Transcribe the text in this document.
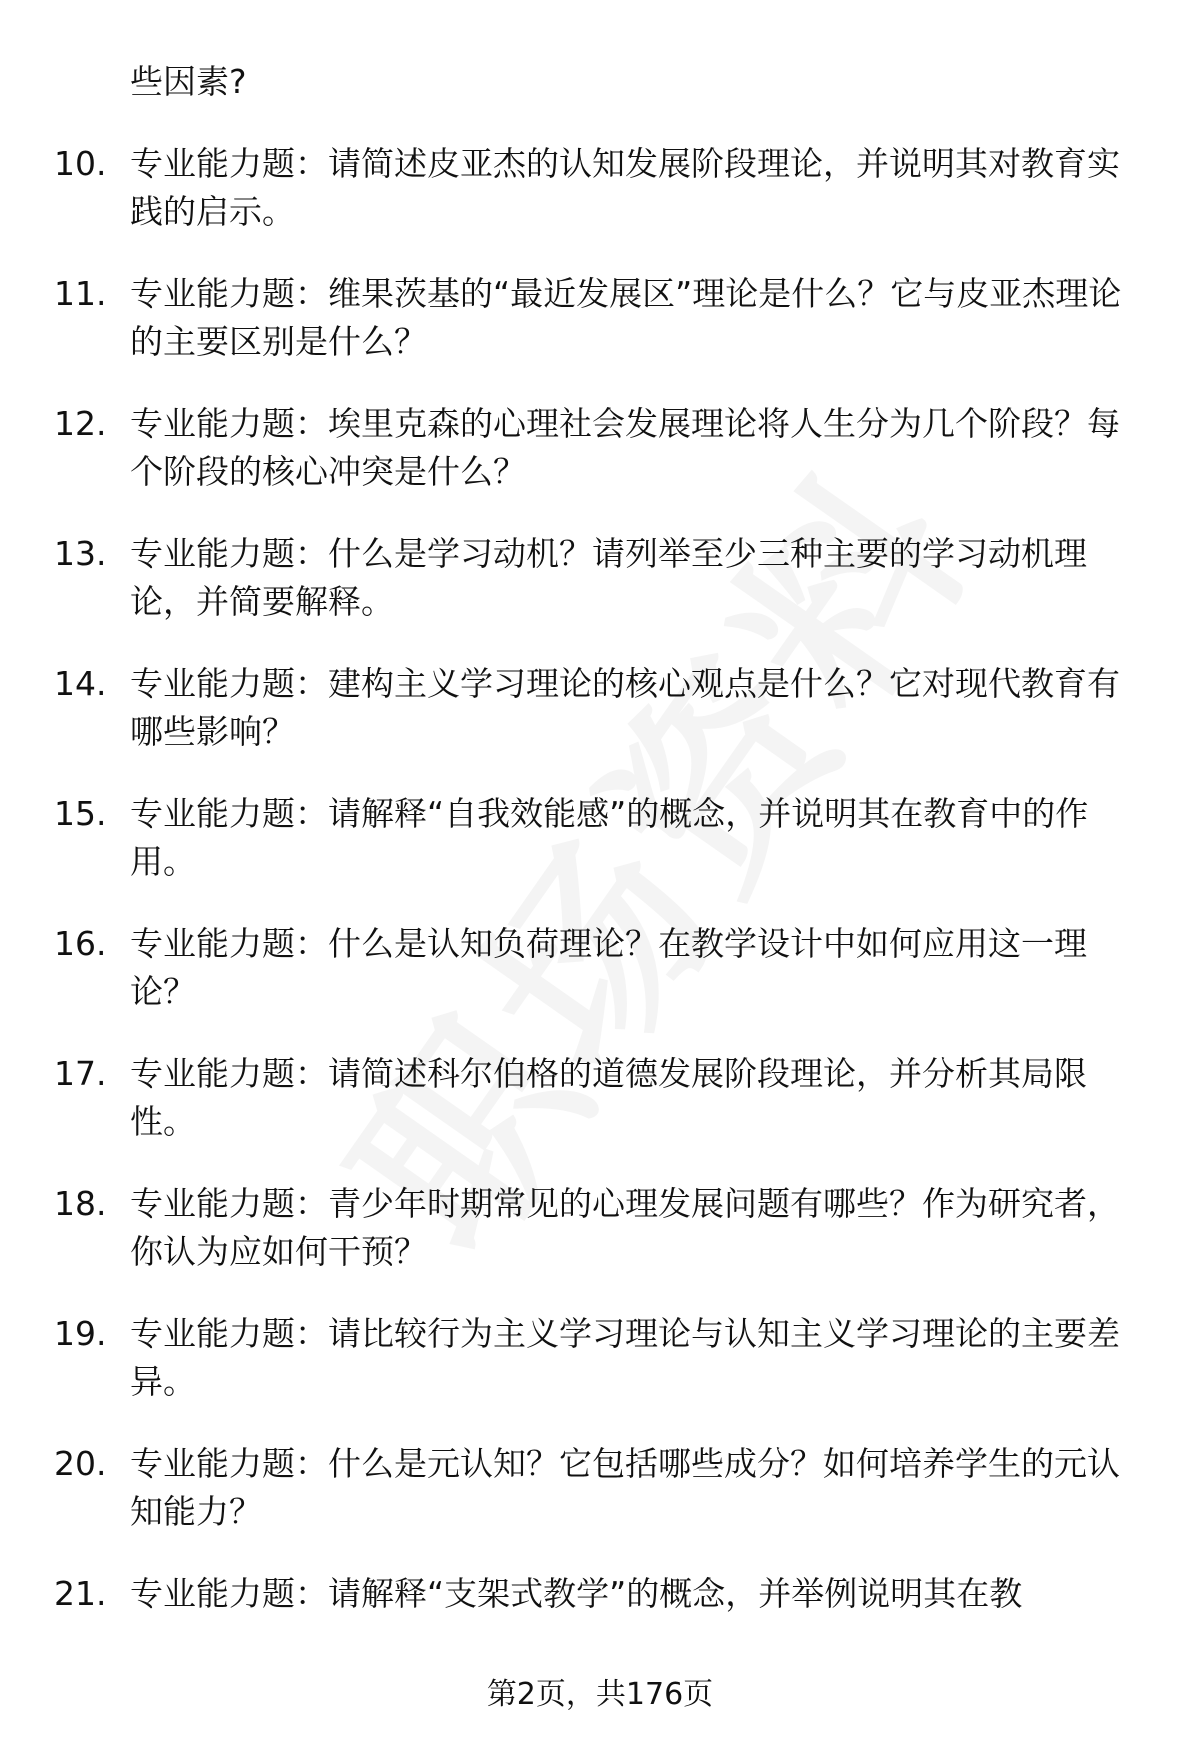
些因素?
10. 专业能力题：请简述皮亚杰的认知发展阶段理论，并说明其对教育实践的启示。
11. 专业能力题：维果茨基的“最近发展区”理论是什么？它与皮亚杰理论的主要区别是什么？
12. 专业能力题：埃里克森的心理社会发展理论将人生分为几个阶段？每个阶段的核心冲突是什么？
13. 专业能力题：什么是学习动机？请列举至少三种主要的学习动机理论，并简要解释。
14. 专业能力题：建构主义学习理论的核心观点是什么？它对现代教育有哪些影响？
15. 专业能力题：请解释“自我效能感”的概念，并说明其在教育中的作用。
16. 专业能力题：什么是认知负荷理论？在教学设计中如何应用这一理论？
17. 专业能力题：请简述科尔伯格的道德发展阶段理论，并分析其局限性。
18. 专业能力题：青少年时期常见的心理发展问题有哪些？作为研究者，你认为应如何干预？
19. 专业能力题：请比较行为主义学习理论与认知主义学习理论的主要差异。
20. 专业能力题：什么是元认知？它包括哪些成分？如何培养学生的元认知能力？
21. 专业能力题：请解释“支架式教学”的概念，并举例说明其在教
第2页，共176页
